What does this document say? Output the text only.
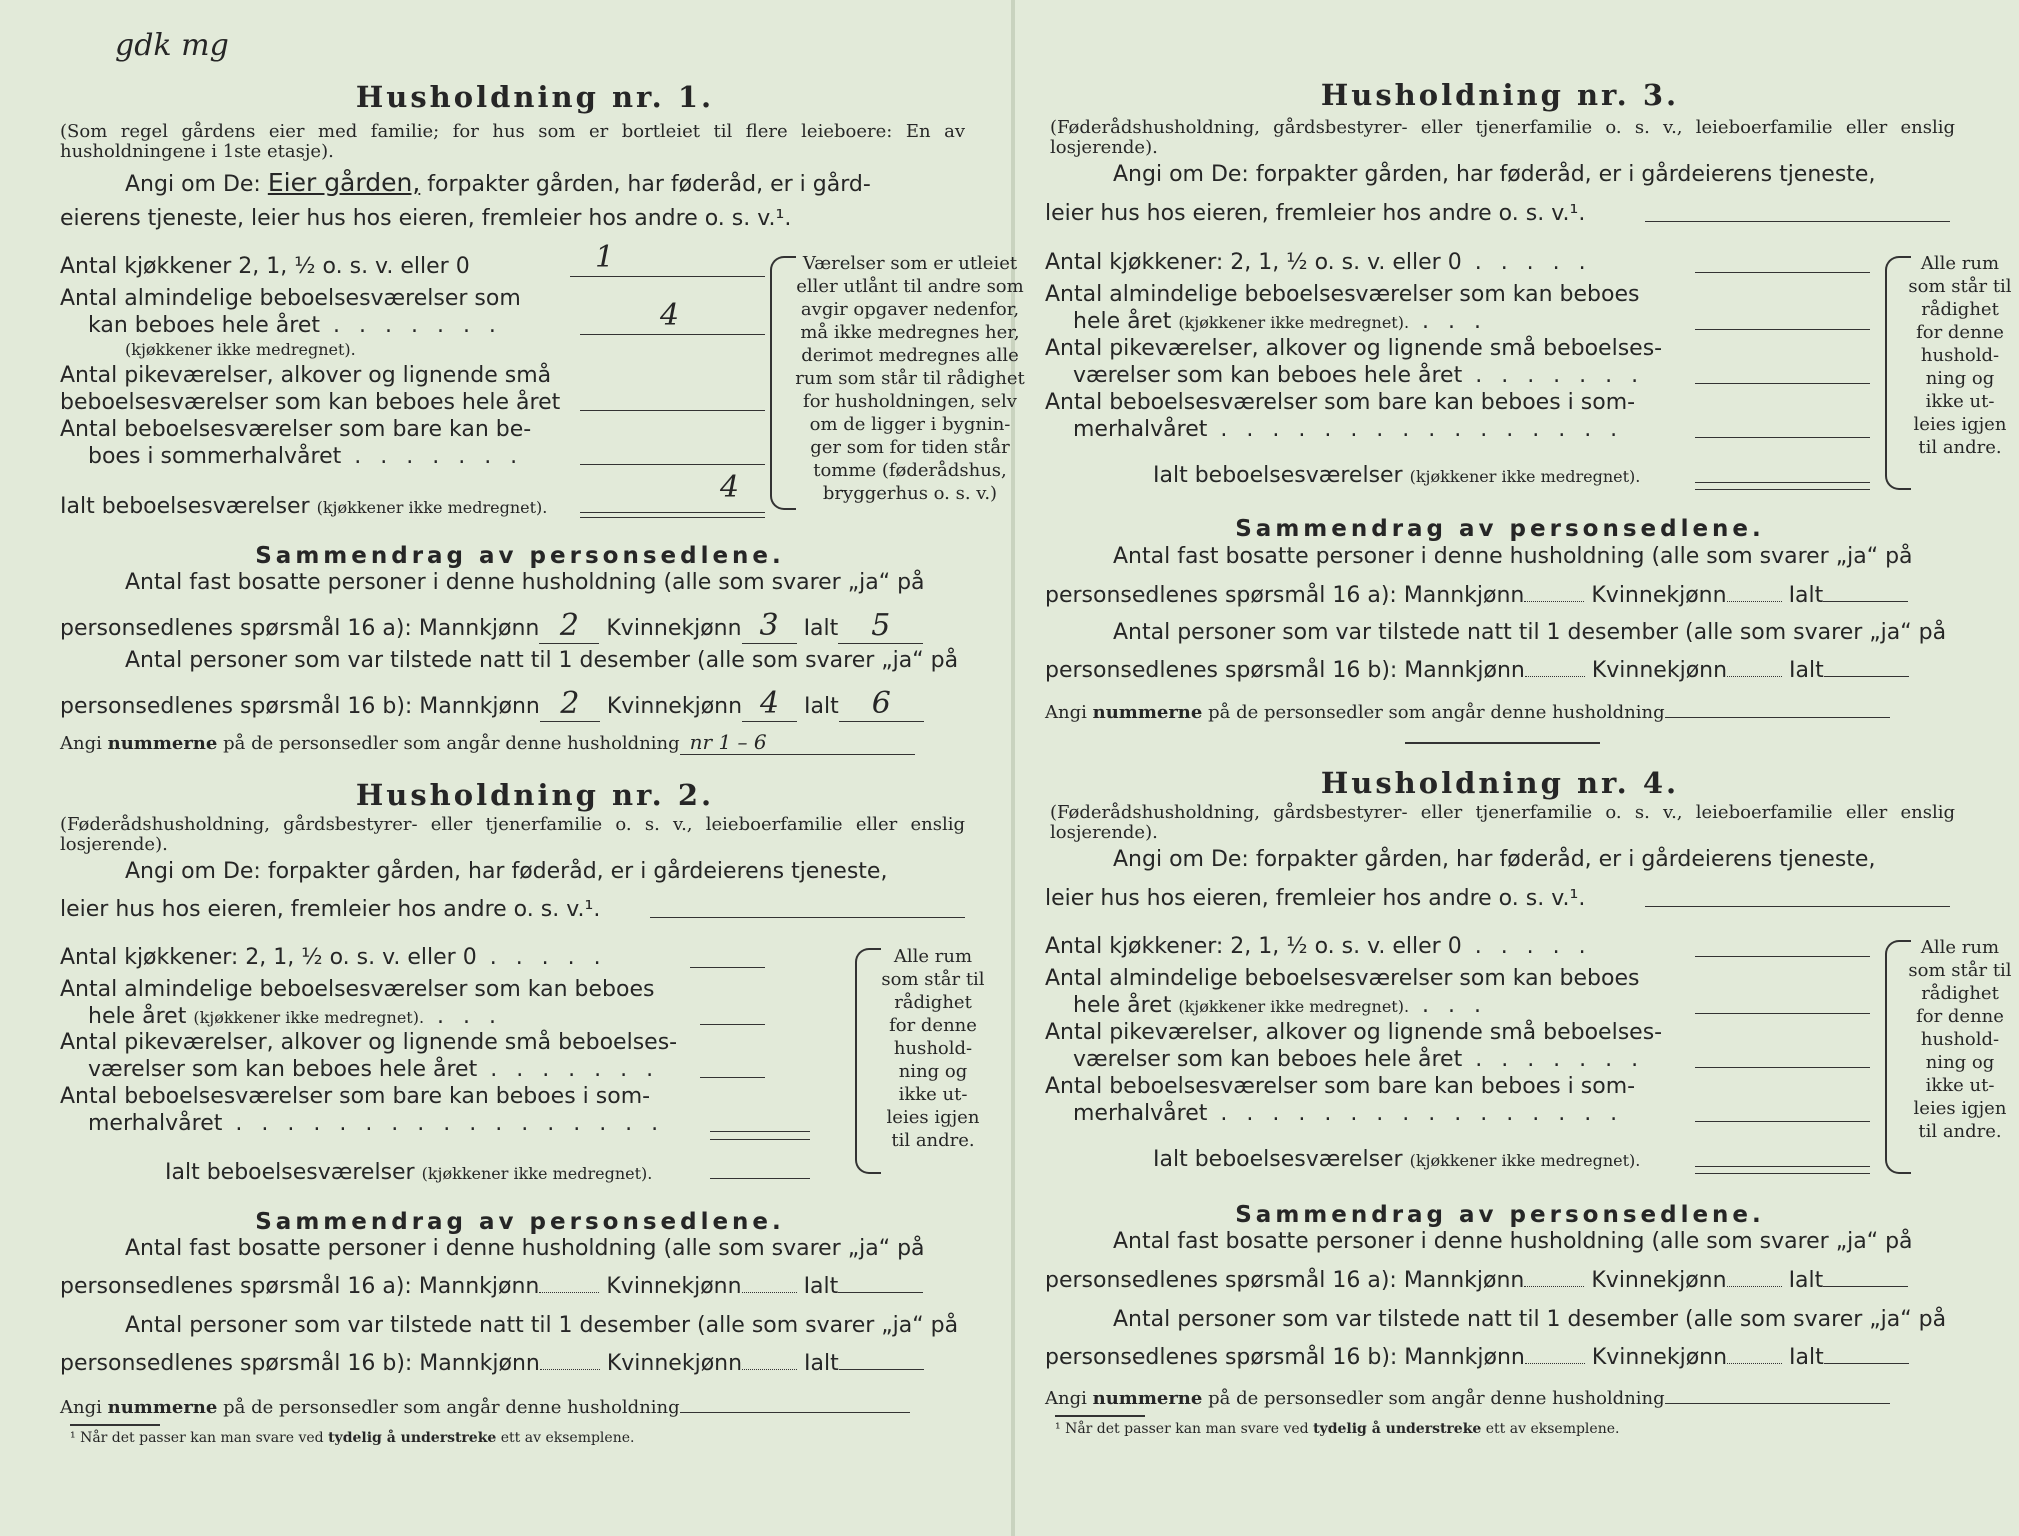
gdk mg
Husholdning nr. 1.
(Som regel gårdens eier med familie; for hus som er bortleiet til flere leieboere: En av husholdningene i 1ste etasje).
Angi om De: Eier gården, forpakter gården, har føderåd, er i gård-
eierens tjeneste, leier hus hos eieren, fremleier hos andre o. s. v.¹.
Antal kjøkkener 2, 1, ½ o. s. v. eller 0	1
Antal almindelige beboelsesværelser som
kan beboes hele året . . . . . . .
(kjøkkener ikke medregnet).
4
Antal pikeværelser, alkover og lignende små
beboelsesværelser som kan beboes hele året
Antal beboelsesværelser som bare kan be-
boes i sommerhalvåret . . . . . . .
Ialt beboelsesværelser (kjøkkener ikke medregnet).
4
Værelser som er utleiet
eller utlånt til andre som
avgir opgaver nedenfor,
må ikke medregnes her,
derimot medregnes alle
rum som står til rådighet
for husholdningen, selv
om de ligger i bygnin-
ger som for tiden står
tomme (føderådshus,
bryggerhus o. s. v.)
Sammendrag av personsedlene.
Antal fast bosatte personer i denne husholdning (alle som svarer „ja“ på
personsedlenes spørsmål 16 a): Mannkjønn 2 Kvinnekjønn 3 Ialt 5
Antal personer som var tilstede natt til 1 desember (alle som svarer „ja“ på
personsedlenes spørsmål 16 b): Mannkjønn 2 Kvinnekjønn 4 Ialt 6
Angi nummerne på de personsedler som angår denne husholdning nr 1 – 6
Husholdning nr. 2.
(Føderådshusholdning, gårdsbestyrer- eller tjenerfamilie o. s. v., leieboerfamilie eller enslig losjerende).
Angi om De: forpakter gården, har føderåd, er i gårdeierens tjeneste,
leier hus hos eieren, fremleier hos andre o. s. v.¹.
Antal kjøkkener: 2, 1, ½ o. s. v. eller 0 . . . . .
Antal almindelige beboelsesværelser som kan beboes
hele året (kjøkkener ikke medregnet). . . .
Antal pikeværelser, alkover og lignende små beboelses-
værelser som kan beboes hele året . . . . . . .
Antal beboelsesværelser som bare kan beboes i som-
merhalvåret . . . . . . . . . . . . . . . . .
Ialt beboelsesværelser (kjøkkener ikke medregnet).
Alle rum
som står til
rådighet
for denne
hushold-
ning og
ikke ut-
leies igjen
til andre.
Sammendrag av personsedlene.
Antal fast bosatte personer i denne husholdning (alle som svarer „ja“ på
personsedlenes spørsmål 16 a): Mannkjønn	Kvinnekjønn	Ialt
Antal personer som var tilstede natt til 1 desember (alle som svarer „ja“ på
personsedlenes spørsmål 16 b): Mannkjønn	Kvinnekjønn	Ialt
Angi nummerne på de personsedler som angår denne husholdning
¹ Når det passer kan man svare ved tydelig å understreke ett av eksemplene.
Husholdning nr. 3.
(Føderådshusholdning, gårdsbestyrer- eller tjenerfamilie o. s. v., leieboerfamilie eller enslig losjerende).
Angi om De: forpakter gården, har føderåd, er i gårdeierens tjeneste,
leier hus hos eieren, fremleier hos andre o. s. v.¹.
Antal kjøkkener: 2, 1, ½ o. s. v. eller 0 . . . . .
Antal almindelige beboelsesværelser som kan beboes
hele året (kjøkkener ikke medregnet). . . .
Antal pikeværelser, alkover og lignende små beboelses-
værelser som kan beboes hele året . . . . . . .
Antal beboelsesværelser som bare kan beboes i som-
merhalvåret . . . . . . . . . . . . . . . .
Ialt beboelsesværelser (kjøkkener ikke medregnet).
Alle rum
som står til
rådighet
for denne
hushold-
ning og
ikke ut-
leies igjen
til andre.
Sammendrag av personsedlene.
Antal fast bosatte personer i denne husholdning (alle som svarer „ja“ på
personsedlenes spørsmål 16 a): Mannkjønn	Kvinnekjønn	Ialt
Antal personer som var tilstede natt til 1 desember (alle som svarer „ja“ på
personsedlenes spørsmål 16 b): Mannkjønn	Kvinnekjønn	Ialt
Angi nummerne på de personsedler som angår denne husholdning
Husholdning nr. 4.
(Føderådshusholdning, gårdsbestyrer- eller tjenerfamilie o. s. v., leieboerfamilie eller enslig losjerende).
Angi om De: forpakter gården, har føderåd, er i gårdeierens tjeneste,
leier hus hos eieren, fremleier hos andre o. s. v.¹.
Antal kjøkkener: 2, 1, ½ o. s. v. eller 0 . . . . .
Antal almindelige beboelsesværelser som kan beboes
hele året (kjøkkener ikke medregnet). . . .
Antal pikeværelser, alkover og lignende små beboelses-
værelser som kan beboes hele året . . . . . . .
Antal beboelsesværelser som bare kan beboes i som-
merhalvåret . . . . . . . . . . . . . . . .
Ialt beboelsesværelser (kjøkkener ikke medregnet).
Alle rum
som står til
rådighet
for denne
hushold-
ning og
ikke ut-
leies igjen
til andre.
Sammendrag av personsedlene.
Antal fast bosatte personer i denne husholdning (alle som svarer „ja“ på
personsedlenes spørsmål 16 a): Mannkjønn	Kvinnekjønn	Ialt
Antal personer som var tilstede natt til 1 desember (alle som svarer „ja“ på
personsedlenes spørsmål 16 b): Mannkjønn	Kvinnekjønn	Ialt
Angi nummerne på de personsedler som angår denne husholdning
¹ Når det passer kan man svare ved tydelig å understreke ett av eksemplene.
